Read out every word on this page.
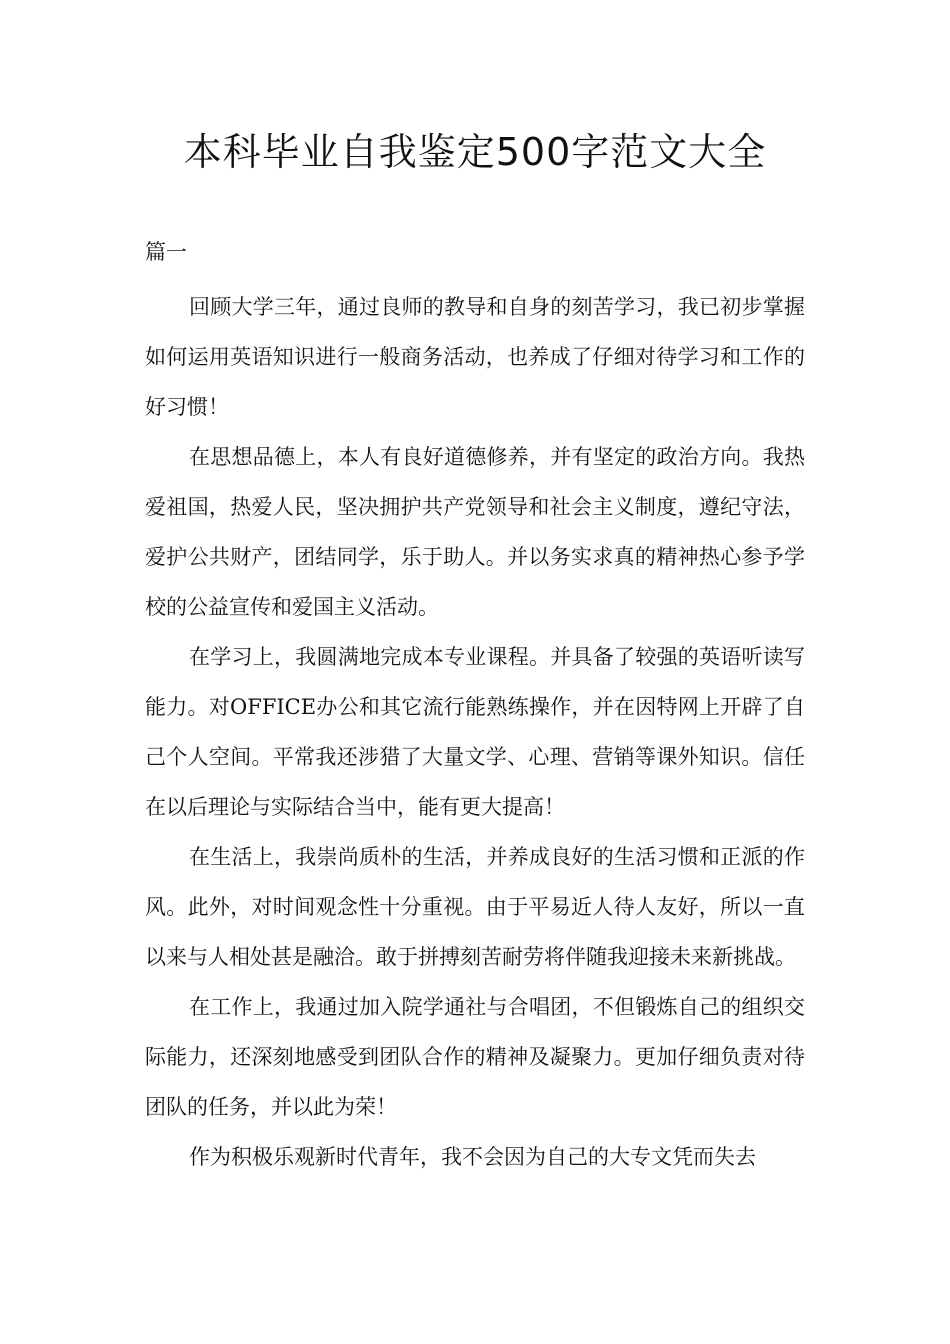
本科毕业自我鉴定500字范文大全
篇一

回顾大学三年，通过良师的教导和自身的刻苦学习，我已初步掌握如何运用英语知识进行一般商务活动，也养成了仔细对待学习和工作的好习惯！

在思想品德上，本人有良好道德修养，并有坚定的政治方向。我热爱祖国，热爱人民，坚决拥护共产党领导和社会主义制度，遵纪守法，爱护公共财产，团结同学，乐于助人。并以务实求真的精神热心参予学校的公益宣传和爱国主义活动。

在学习上，我圆满地完成本专业课程。并具备了较强的英语听读写能力。对OFFICE办公和其它流行能熟练操作，并在因特网上开辟了自己个人空间。平常我还涉猎了大量文学、心理、营销等课外知识。信任在以后理论与实际结合当中，能有更大提高！

在生活上，我崇尚质朴的生活，并养成良好的生活习惯和正派的作风。此外，对时间观念性十分重视。由于平易近人待人友好，所以一直以来与人相处甚是融洽。敢于拼搏刻苦耐劳将伴随我迎接未来新挑战。

在工作上，我通过加入院学通社与合唱团，不但锻炼自己的组织交际能力，还深刻地感受到团队合作的精神及凝聚力。更加仔细负责对待团队的任务，并以此为荣！

作为积极乐观新时代青年，我不会因为自己的大专文凭而失去
